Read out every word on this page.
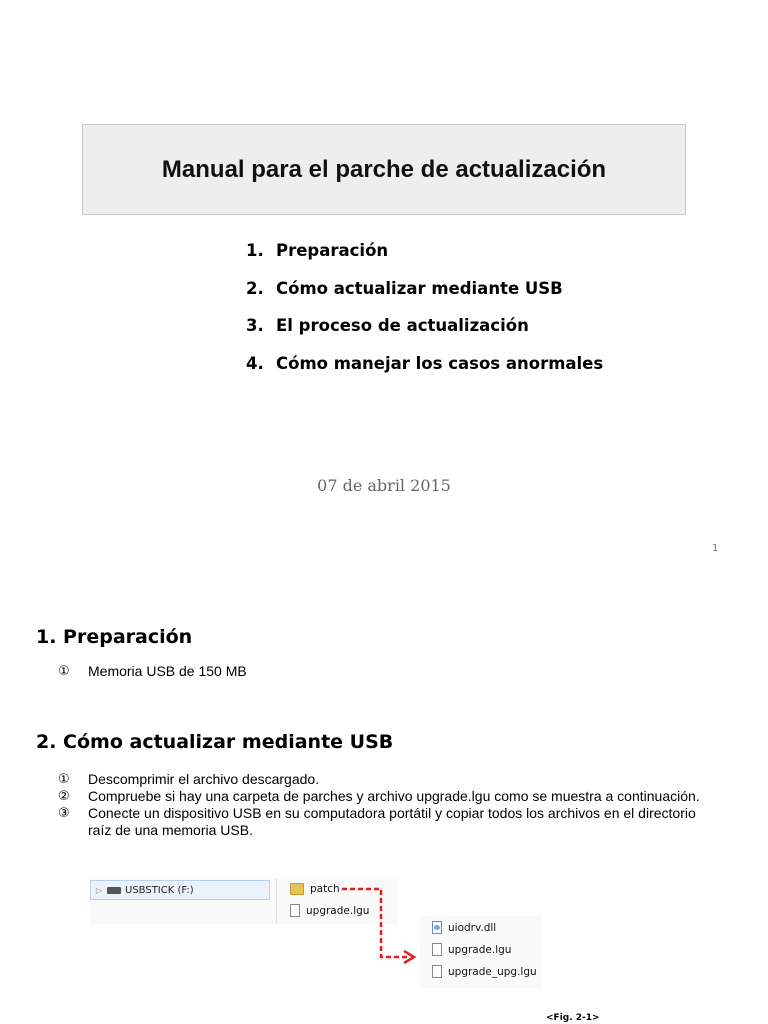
Manual para el parche de actualización
1. Preparación
2. Cómo actualizar mediante USB
3. El proceso de actualización
4. Cómo manejar los casos anormales
07 de abril 2015
1
1. Preparación
①	Memoria USB de 150 MB
2. Cómo actualizar mediante USB
①	Descomprimir el archivo descargado.
②	Compruebe si hay una carpeta de parches y archivo upgrade.lgu como se muestra a continuación.
③	Conecte un dispositivo USB en su computadora portátil y copiar todos los archivos en el directorio raíz de una memoria USB.
▷	USBSTICK (F:)	patch
upgrade.lgu
uiodrv.dll
upgrade.lgu
upgrade_upg.lgu
<Fig. 2-1>
